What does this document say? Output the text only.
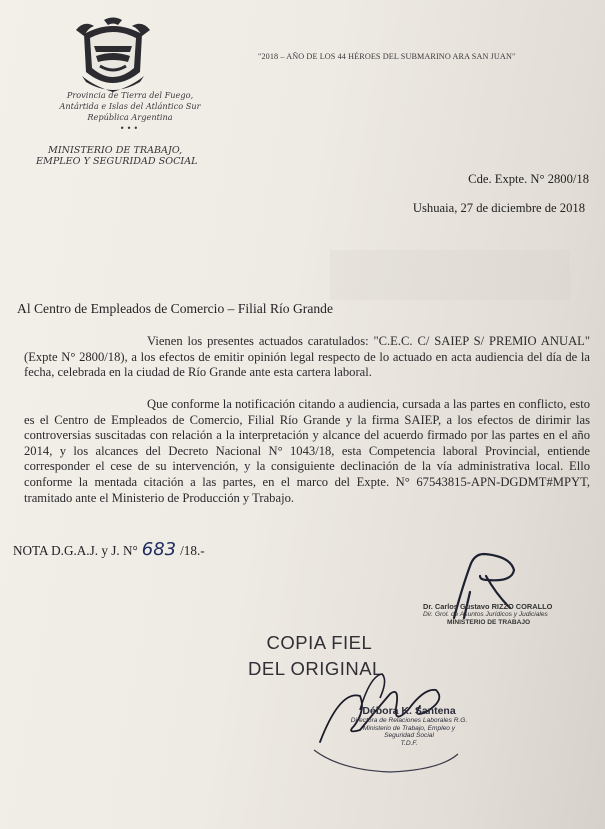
"2018 – AÑO DE LOS 44 HÉROES DEL SUBMARINO ARA SAN JUAN"
Provincia de Tierra del Fuego,
Antártida e Islas del Atlántico Sur
República Argentina
•••
MINISTERIO DE TRABAJO,
EMPLEO Y SEGURIDAD SOCIAL
Cde. Expte. N° 2800/18
Ushuaia, 27 de diciembre de 2018
Al Centro de Empleados de Comercio – Filial Río Grande

Vienen los presentes actuados caratulados: "C.E.C. C/ SAIEP S/ PREMIO ANUAL" (Expte N° 2800/18), a los efectos de emitir opinión legal respecto de lo actuado en acta audiencia del día de la fecha, celebrada en la ciudad de Río Grande ante esta cartera laboral.

Que conforme la notificación citando a audiencia, cursada a las partes en conflicto, esto es el Centro de Empleados de Comercio, Filial Río Grande y la firma SAIEP, a los efectos de dirimir las controversias suscitadas con relación a la interpretación y alcance del acuerdo firmado por las partes en el año 2014, y los alcances del Decreto Nacional N° 1043/18, esta Competencia laboral Provincial, entiende corresponder el cese de su intervención, y la consiguiente declinación de la vía administrativa local. Ello conforme la mentada citación a las partes, en el marco del Expte. N° 67543815-APN-DGDMT#MPYT, tramitado ante el Ministerio de Producción y Trabajo.

NOTA D.G.A.J. y J. N° 683 /18.-
Dr. Carlos Gustavo RIZZO CORALLO
Dir. Grol. de Asuntos Jurídicos y Judiciales
MINISTERIO DE TRABAJO
COPIA FIEL
DEL ORIGINAL
Débora K. Santena
Directora de Relaciones Laborales R.G.
Ministerio de Trabajo, Empleo y
Seguridad Social
T.D.F.
